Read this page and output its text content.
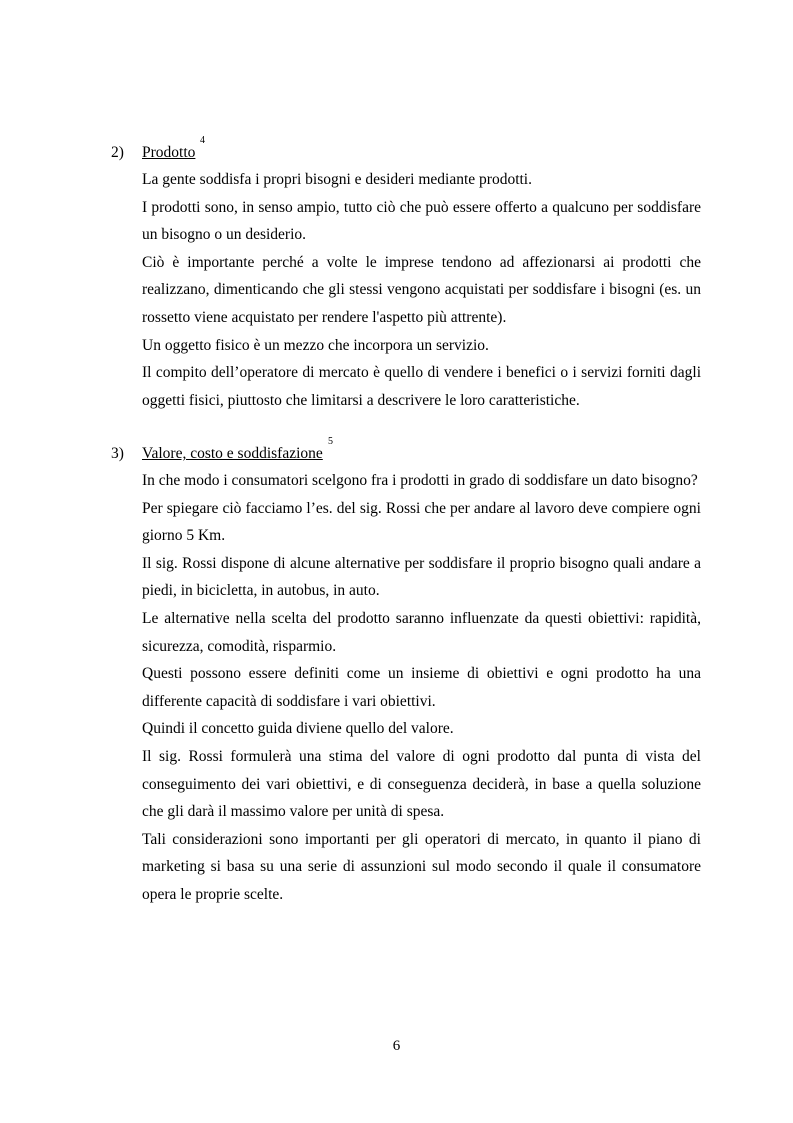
2) Prodotto
4

La gente soddisfa i propri bisogni e desideri mediante prodotti.

I prodotti sono, in senso ampio, tutto ciò che può essere offerto a qualcuno per soddisfare un bisogno o un desiderio.

Ciò è importante perché a volte le imprese tendono ad affezionarsi ai prodotti che realizzano, dimenticando che gli stessi vengono acquistati per soddisfare i bisogni (es. un rossetto viene acquistato per rendere l'aspetto più attrente).

Un oggetto fisico è un mezzo che incorpora un servizio.

Il compito dell’operatore di mercato è quello di vendere i benefici o i servizi forniti dagli oggetti fisici, piuttosto che limitarsi a descrivere le loro caratteristiche.

3) Valore, costo e soddisfazione
5

In che modo i consumatori scelgono fra i prodotti in grado di soddisfare un dato bisogno?

Per spiegare ciò facciamo l’es. del sig. Rossi che per andare al lavoro deve compiere ogni giorno 5 Km.

Il sig. Rossi dispone di alcune alternative per soddisfare il proprio bisogno quali andare a piedi, in bicicletta, in autobus, in auto.

Le alternative nella scelta del prodotto saranno influenzate da questi obiettivi: rapidità, sicurezza, comodità, risparmio.

Questi possono essere definiti come un insieme di obiettivi e ogni prodotto ha una differente capacità di soddisfare i vari obiettivi.

Quindi il concetto guida diviene quello del valore.

Il sig. Rossi formulerà una stima del valore di ogni prodotto dal punta di vista del conseguimento dei vari obiettivi, e di conseguenza deciderà, in base a quella soluzione che gli darà il massimo valore per unità di spesa.

Tali considerazioni sono importanti per gli operatori di mercato, in quanto il piano di marketing si basa su una serie di assunzioni sul modo secondo il quale il consumatore opera le proprie scelte.

6
